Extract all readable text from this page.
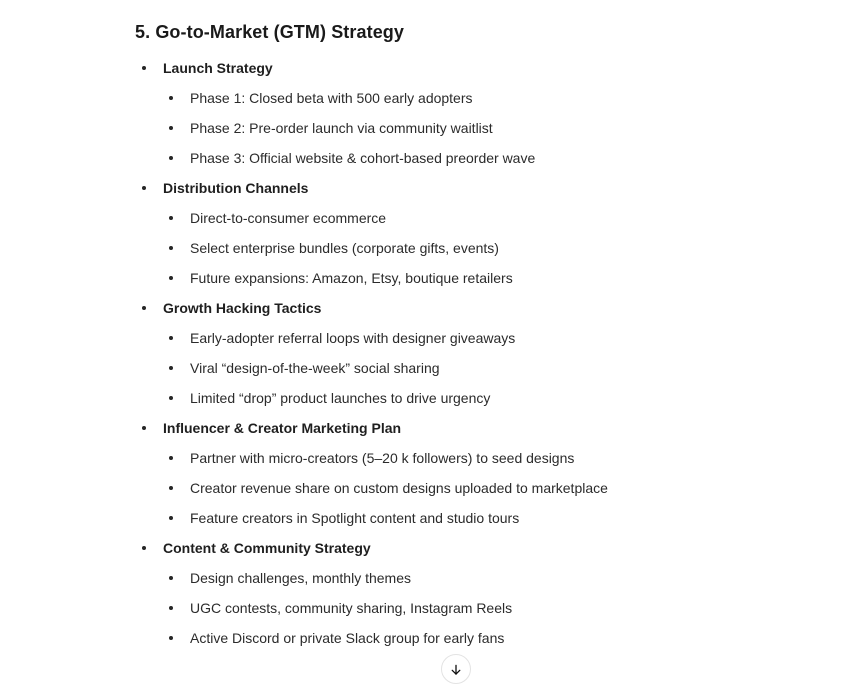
5. Go-to-Market (GTM) Strategy
Launch Strategy
Phase 1: Closed beta with 500 early adopters
Phase 2: Pre-order launch via community waitlist
Phase 3: Official website & cohort-based preorder wave
Distribution Channels
Direct-to-consumer ecommerce
Select enterprise bundles (corporate gifts, events)
Future expansions: Amazon, Etsy, boutique retailers
Growth Hacking Tactics
Early-adopter referral loops with designer giveaways
Viral “design-of-the-week” social sharing
Limited “drop” product launches to drive urgency
Influencer & Creator Marketing Plan
Partner with micro-creators (5–20 k followers) to seed designs
Creator revenue share on custom designs uploaded to marketplace
Feature creators in Spotlight content and studio tours
Content & Community Strategy
Design challenges, monthly themes
UGC contests, community sharing, Instagram Reels
Active Discord or private Slack group for early fans
